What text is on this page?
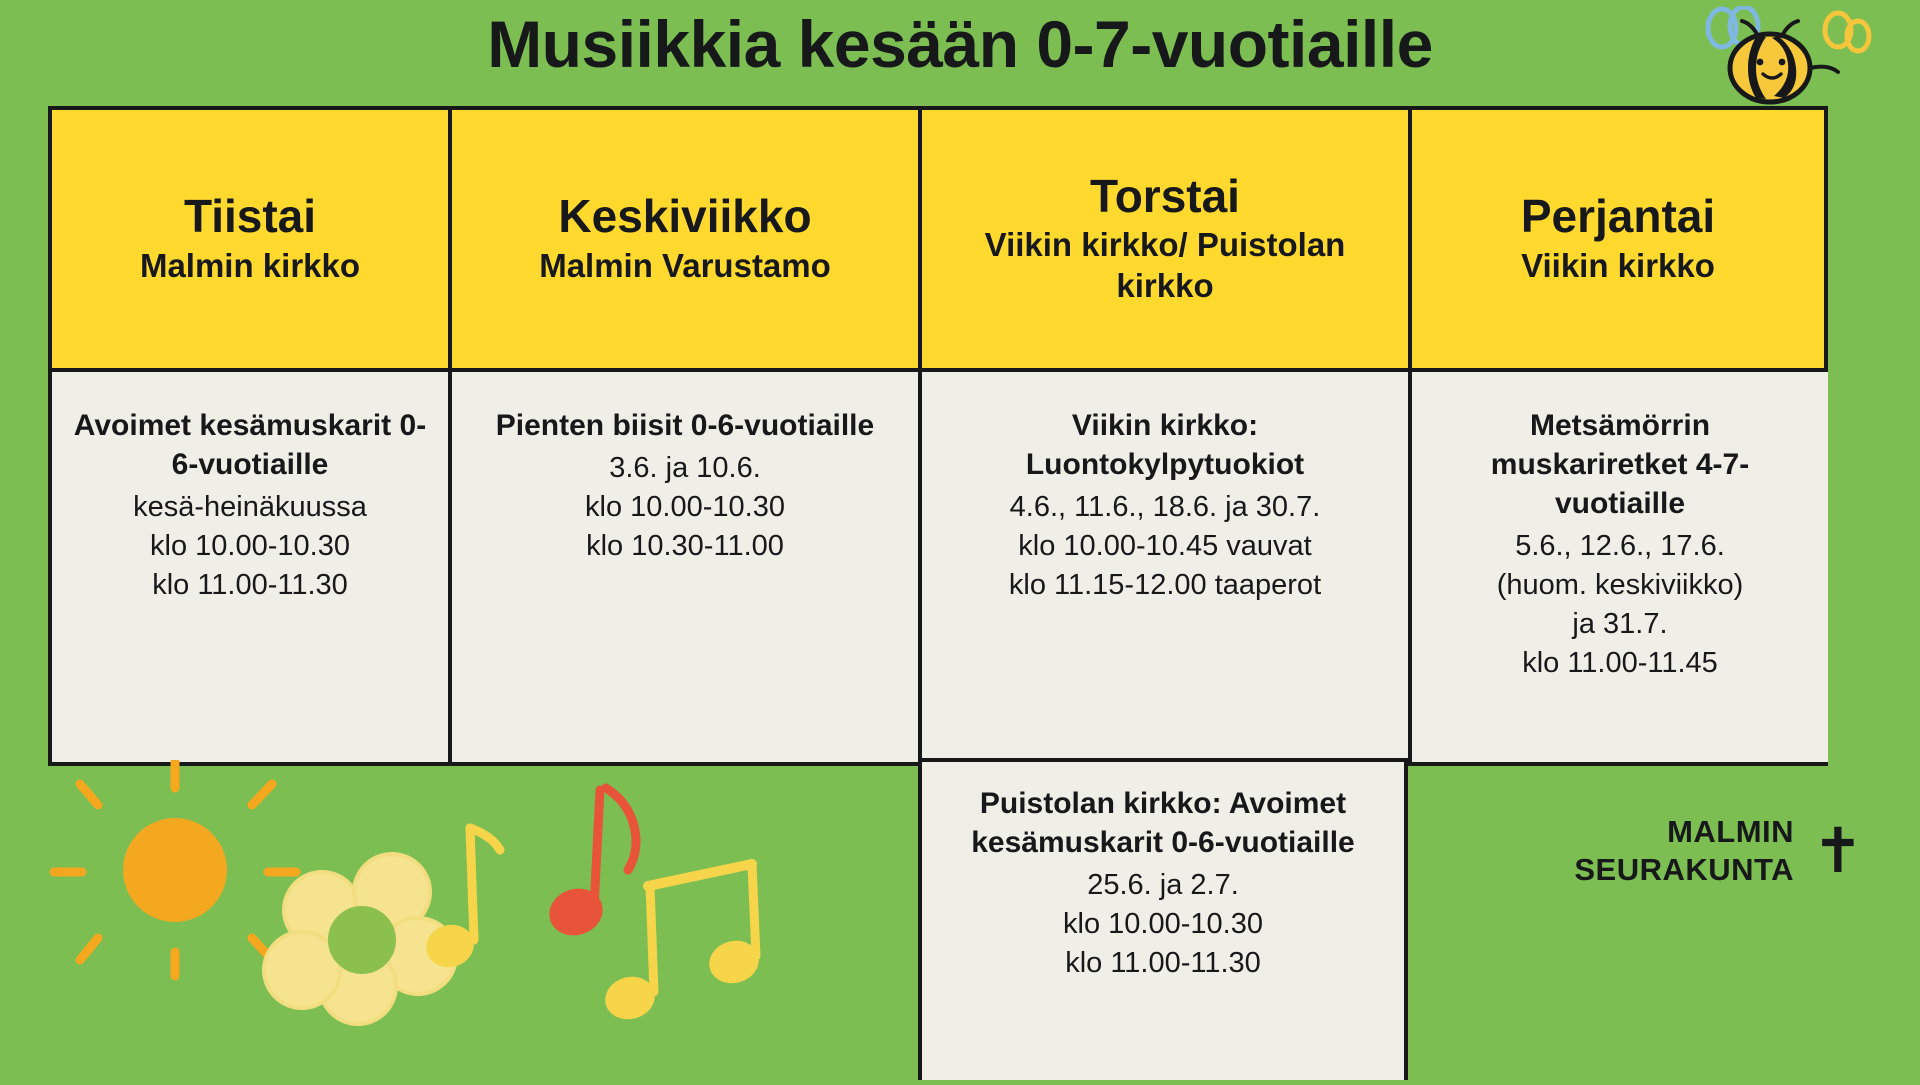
Musiikkia kesään 0-7-vuotiaille
Tiistai
Malmin kirkko
Keskiviikko
Malmin Varustamo
Torstai
Viikin kirkko/ Puistolan kirkko
Perjantai
Viikin kirkko
Avoimet kesämuskarit 0-6-vuotiaille
kesä-heinäkuussa
klo 10.00-10.30
klo 11.00-11.30
Pienten biisit 0-6-vuotiaille
3.6. ja 10.6.
klo 10.00-10.30
klo 10.30-11.00
Viikin kirkko: Luontokylpytuokiot
4.6., 11.6., 18.6. ja 30.7.
klo 10.00-10.45 vauvat
klo 11.15-12.00 taaperot
Metsämörrin muskariretket 4-7-vuotiaille
5.6., 12.6., 17.6.
(huom. keskiviikko)
ja 31.7.
klo 11.00-11.45
Puistolan kirkko: Avoimet kesämuskarit 0-6-vuotiaille
25.6. ja 2.7.
klo 10.00-10.30
klo 11.00-11.30
MALMIN
SEURAKUNTA ✝
